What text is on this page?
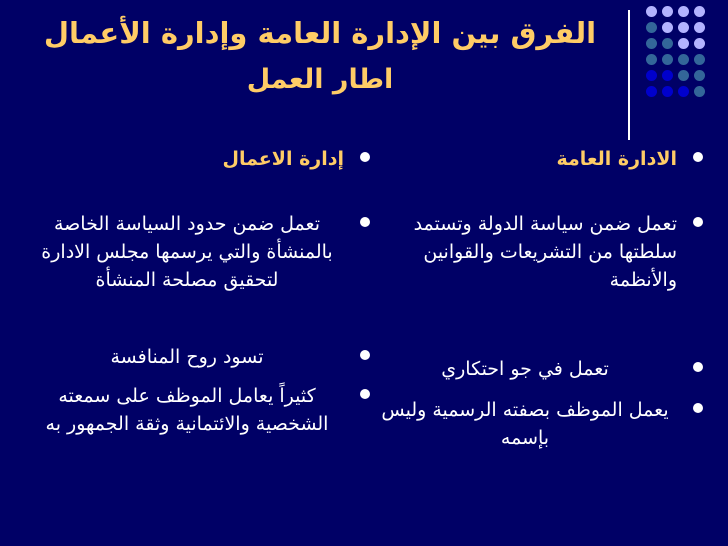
الفرق بين الإدارة العامة وإدارة الأعمال
اطار العمل
الادارة العامة
تعمل ضمن سياسة الدولة وتستمد سلطتها من التشريعات والقوانين والأنظمة
تعمل في جو احتكاري
يعمل الموظف بصفته الرسمية وليس بإسمه
إدارة الاعمال
تعمل ضمن حدود السياسة الخاصة بالمنشأة والتي يرسمها مجلس الادارة لتحقيق مصلحة المنشأة
تسود روح المنافسة
كثيراً يعامل الموظف على سمعته الشخصية والائتمانية وثقة الجمهور به
